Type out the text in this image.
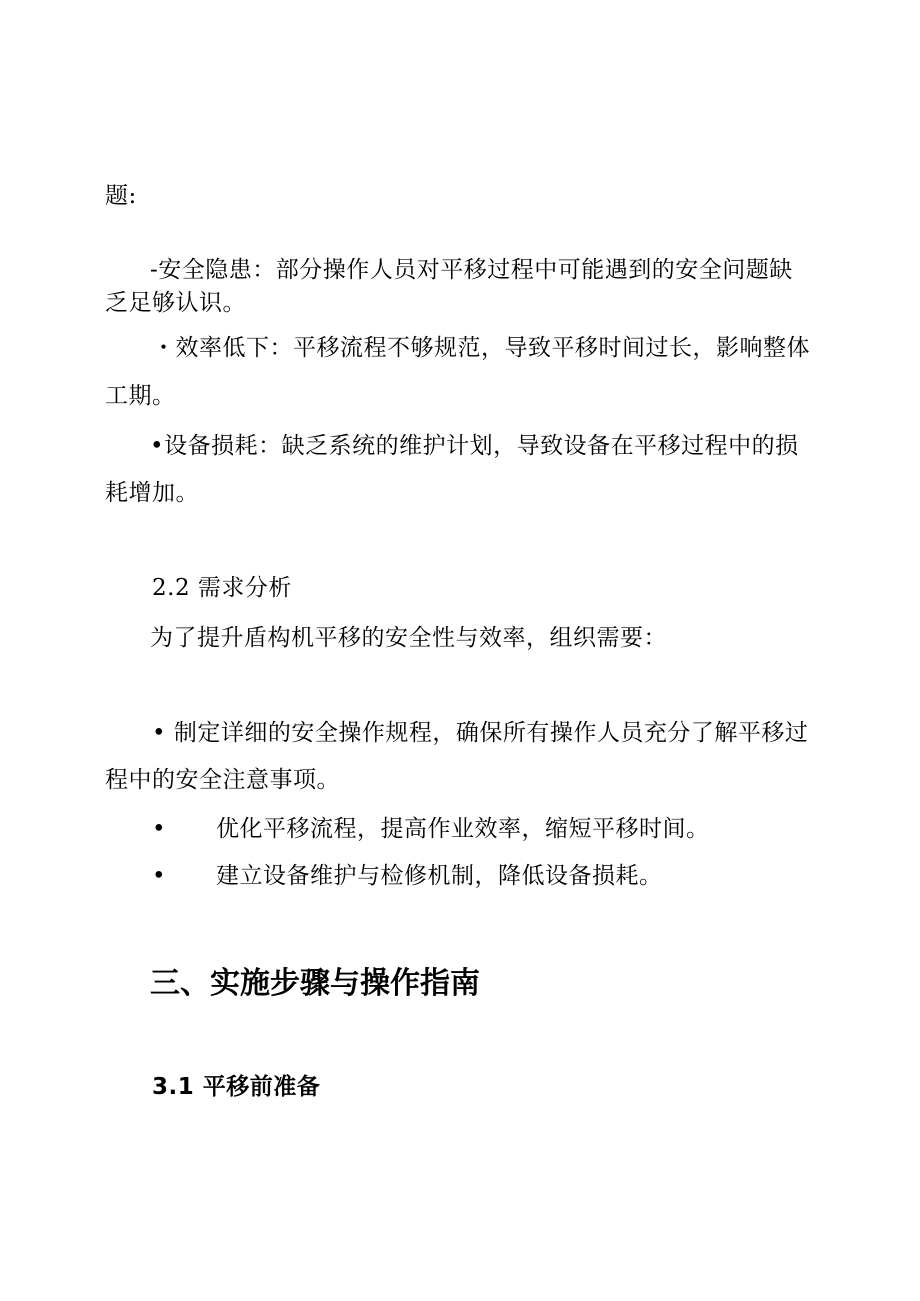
题:

-安全隐患：部分操作人员对平移过程中可能遇到的安全问题缺

乏足够认识。

・效率低下：平移流程不够规范，导致平移时间过长，影响整体

工期。

•设备损耗：缺乏系统的维护计划，导致设备在平移过程中的损

耗增加。

2.2 需求分析

为了提升盾构机平移的安全性与效率，组织需要：

• 制定详细的安全操作规程，确保所有操作人员充分了解平移过

程中的安全注意事项。

• 优化平移流程，提高作业效率，缩短平移时间。

• 建立设备维护与检修机制，降低设备损耗。

三、实施步骤与操作指南
3.1 平移前准备
